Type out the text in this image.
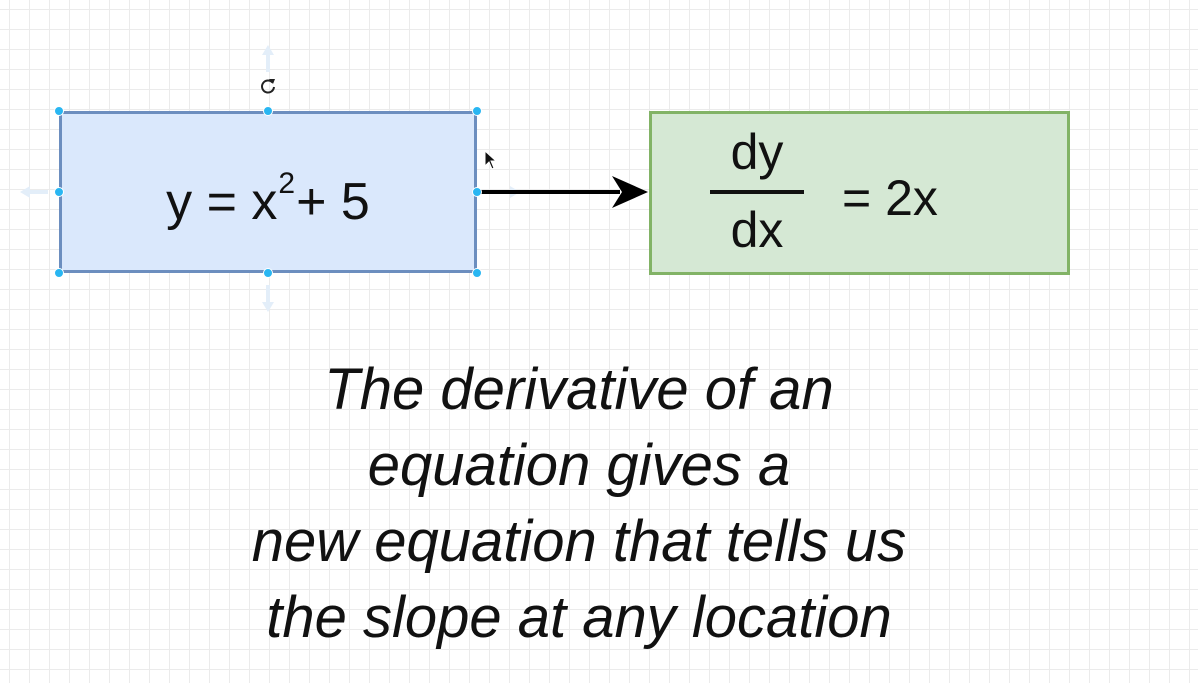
$y = x^2+ 5$
dy
dx
= 2x
The derivative of an
equation gives a
new equation that tells us
the slope at any location
